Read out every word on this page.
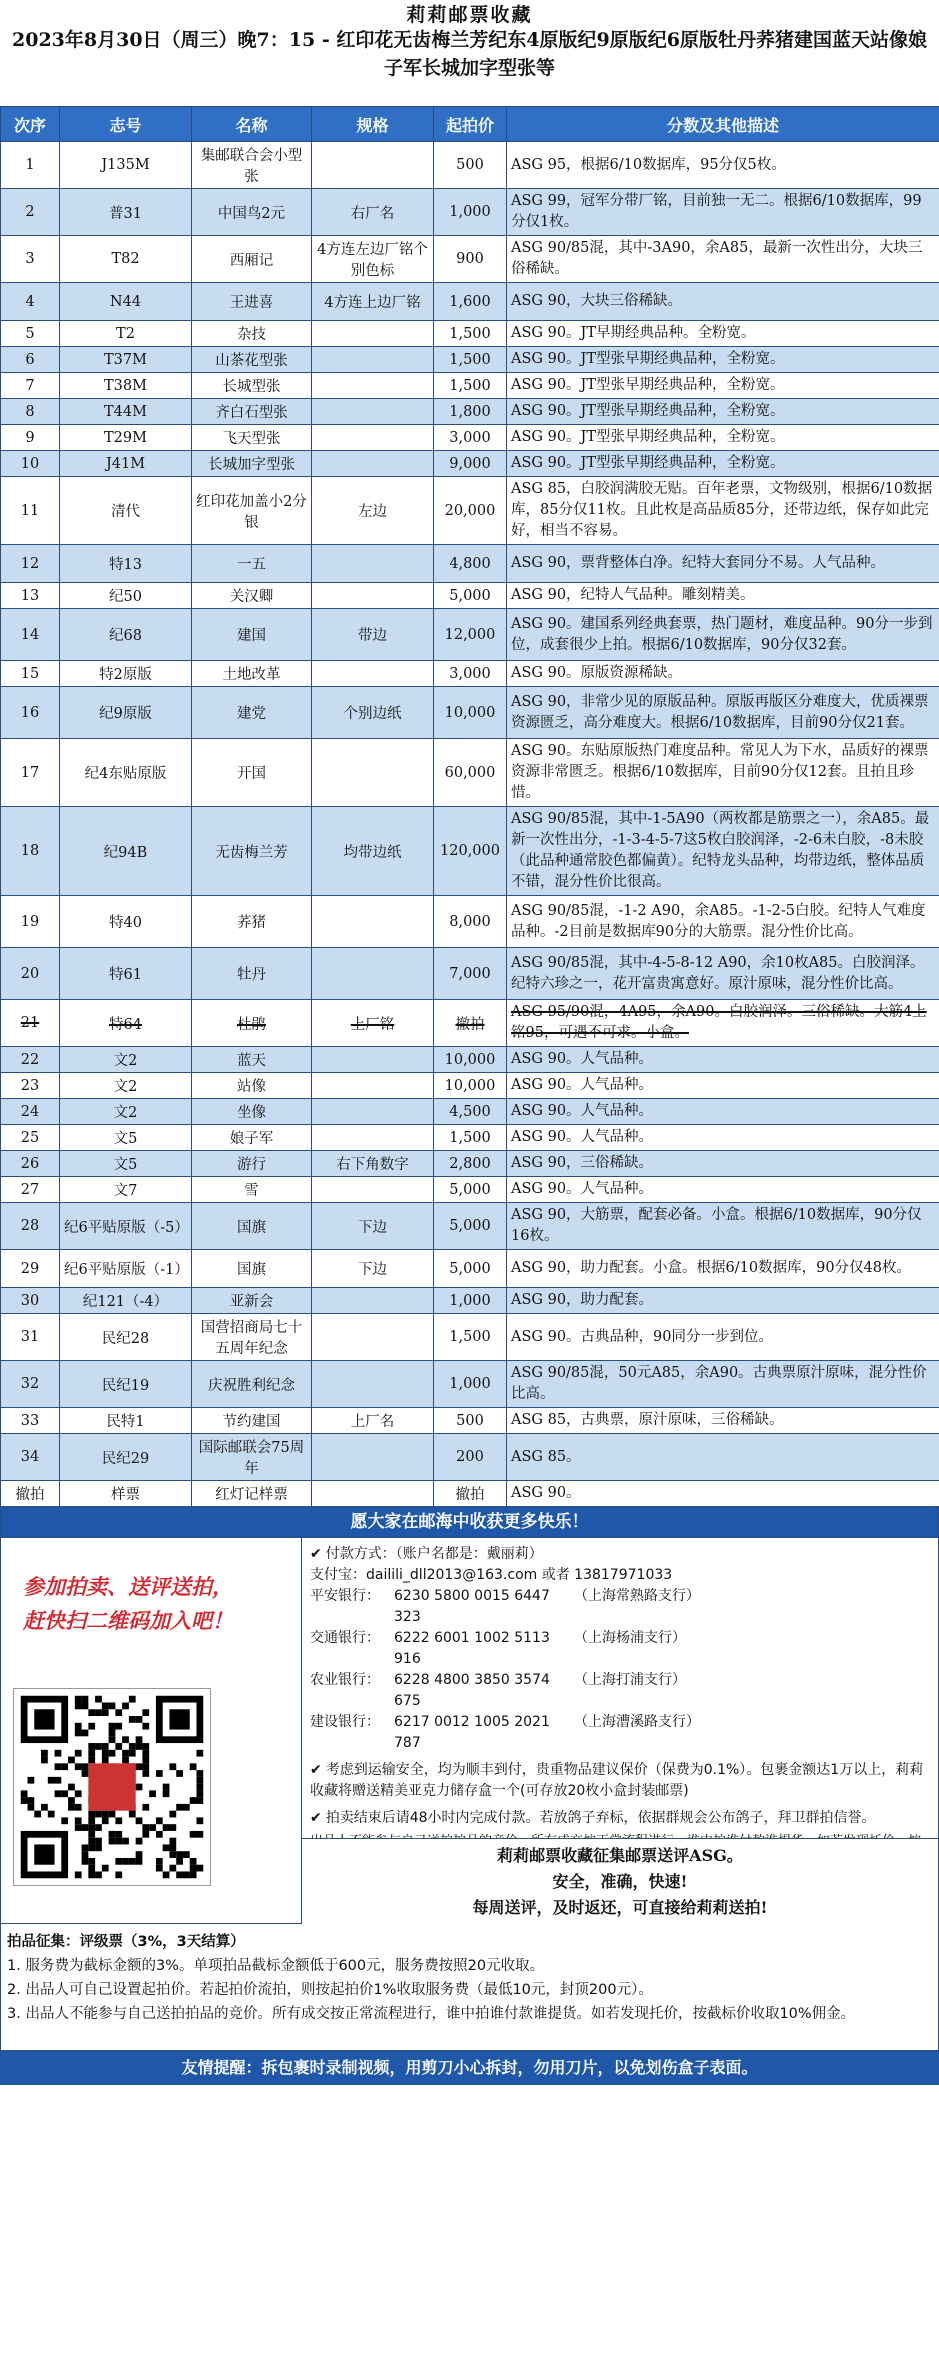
莉莉邮票收藏
2023年8月30日（周三）晚7：15 - 红印花无齿梅兰芳纪东4原版纪9原版纪6原版牡丹荞猪建国蓝天站像娘子军长城加字型张等
次序	志号	名称	规格	起拍价	分数及其他描述
1	J135M	集邮联合会小型张		500	ASG 95，根据6/10数据库，95分仅5枚。
2	普31	中国鸟2元	右厂名	1,000	ASG 99，冠军分带厂铭，目前独一无二。根据6/10数据库，99分仅1枚。
3	T82	西厢记	4方连左边厂铭个别色标	900	ASG 90/85混，其中-3A90，余A85，最新一次性出分，大块三俗稀缺。
4	N44	王进喜	4方连上边厂铭	1,600	ASG 90，大块三俗稀缺。
5	T2	杂技		1,500	ASG 90。JT早期经典品种。全粉宽。
6	T37M	山茶花型张		1,500	ASG 90。JT型张早期经典品种，全粉宽。
7	T38M	长城型张		1,500	ASG 90。JT型张早期经典品种，全粉宽。
8	T44M	齐白石型张		1,800	ASG 90。JT型张早期经典品种，全粉宽。
9	T29M	飞天型张		3,000	ASG 90。JT型张早期经典品种，全粉宽。
10	J41M	长城加字型张		9,000	ASG 90。JT型张早期经典品种，全粉宽。
11	清代	红印花加盖小2分银	左边	20,000	ASG 85，白胶润满胶无贴。百年老票，文物级别，根据6/10数据库，85分仅11枚。且此枚是高品质85分，还带边纸，保存如此完好，相当不容易。
12	特13	一五		4,800	ASG 90，票背整体白净。纪特大套同分不易。人气品种。
13	纪50	关汉卿		5,000	ASG 90，纪特人气品种。雕刻精美。
14	纪68	建国	带边	12,000	ASG 90。建国系列经典套票，热门题材，难度品种。90分一步到位，成套很少上拍。根据6/10数据库，90分仅32套。
15	特2原版	土地改革		3,000	ASG 90。原版资源稀缺。
16	纪9原版	建党	个别边纸	10,000	ASG 90，非常少见的原版品种。原版再版区分难度大，优质裸票资源匮乏，高分难度大。根据6/10数据库，目前90分仅21套。
17	纪4东贴原版	开国		60,000	ASG 90。东贴原版热门难度品种。常见人为下水，品质好的裸票资源非常匮乏。根据6/10数据库，目前90分仅12套。且拍且珍惜。
18	纪94B	无齿梅兰芳	均带边纸	120,000	ASG 90/85混，其中-1-5A90（两枚都是筋票之一），余A85。最新一次性出分，-1-3-4-5-7这5枚白胶润泽，-2-6未白胶，-8未胶（此品种通常胶色都偏黄）。纪特龙头品种，均带边纸，整体品质不错，混分性价比很高。
19	特40	荞猪		8,000	ASG 90/85混，-1-2 A90，余A85。-1-2-5白胶。纪特人气难度品种。-2目前是数据库90分的大筋票。混分性价比高。
20	特61	牡丹		7,000	ASG 90/85混，其中-4-5-8-12 A90，余10枚A85。白胶润泽。纪特六珍之一，花开富贵寓意好。原汁原味，混分性价比高。
21	特64	杜鹃	上厂铭	撤拍	ASG 95/90混，4A95，余A90。白胶润泽。三俗稀缺。大筋4上铭95，可遇不可求。小盒。
22	文2	蓝天		10,000	ASG 90。人气品种。
23	文2	站像		10,000	ASG 90。人气品种。
24	文2	坐像		4,500	ASG 90。人气品种。
25	文5	娘子军		1,500	ASG 90。人气品种。
26	文5	游行	右下角数字	2,800	ASG 90，三俗稀缺。
27	文7	雪		5,000	ASG 90。人气品种。
28	纪6平贴原版（-5）	国旗	下边	5,000	ASG 90，大筋票，配套必备。小盒。根据6/10数据库，90分仅16枚。
29	纪6平贴原版（-1）	国旗	下边	5,000	ASG 90，助力配套。小盒。根据6/10数据库，90分仅48枚。
30	纪121（-4）	亚新会		1,000	ASG 90，助力配套。
31	民纪28	国营招商局七十五周年纪念		1,500	ASG 90。古典品种，90同分一步到位。
32	民纪19	庆祝胜利纪念		1,000	ASG 90/85混，50元A85，余A90。古典票原汁原味，混分性价比高。
33	民特1	节约建国	上厂名	500	ASG 85，古典票，原汁原味，三俗稀缺。
34	民纪29	国际邮联会75周年		200	ASG 85。
撤拍	样票	红灯记样票		撤拍	ASG 90。
愿大家在邮海中收获更多快乐！
参加拍卖、送评送拍，
赶快扫二维码加入吧！
✔ 付款方式：（账户名都是：戴丽莉）
支付宝：dailili_dll2013@163.com 或者 13817971033
平安银行：	6230 5800 0015 6447 323
（上海常熟路支行）
交通银行：	6222 6001 1002 5113 916
（上海杨浦支行）
农业银行：	6228 4800 3850 3574 675
（上海打浦支行）
建设银行：	6217 0012 1005 2021 787
（上海漕溪路支行）
✔ 考虑到运输安全，均为顺丰到付，贵重物品建议保价（保费为0.1%）。包裹金额达1万以上，莉莉收藏将赠送精美亚克力储存盒一个(可存放20枚小盒封装邮票)
✔ 拍卖结束后请48小时内完成付款。若放鸽子弃标，依据群规会公布鸽子，拜卫群拍信誉。
莉莉邮票收藏征集邮票送评ASG。
安全，准确，快速!
每周送评，及时返还，可直接给莉莉送拍!
拍品征集：评级票（3%，3天结算）
1. 服务费为截标金额的3%。单项拍品截标金额低于600元，服务费按照20元收取。
2. 出品人可自己设置起拍价。若起拍价流拍，则按起拍价1%收取服务费（最低10元，封顶200元）。
3. 出品人不能参与自己送拍拍品的竞价。所有成交按正常流程进行，谁中拍谁付款谁提货。如若发现托价，按截标价收取10%佣金。
友情提醒：拆包裹时录制视频，用剪刀小心拆封，勿用刀片，以免划伤盒子表面。
